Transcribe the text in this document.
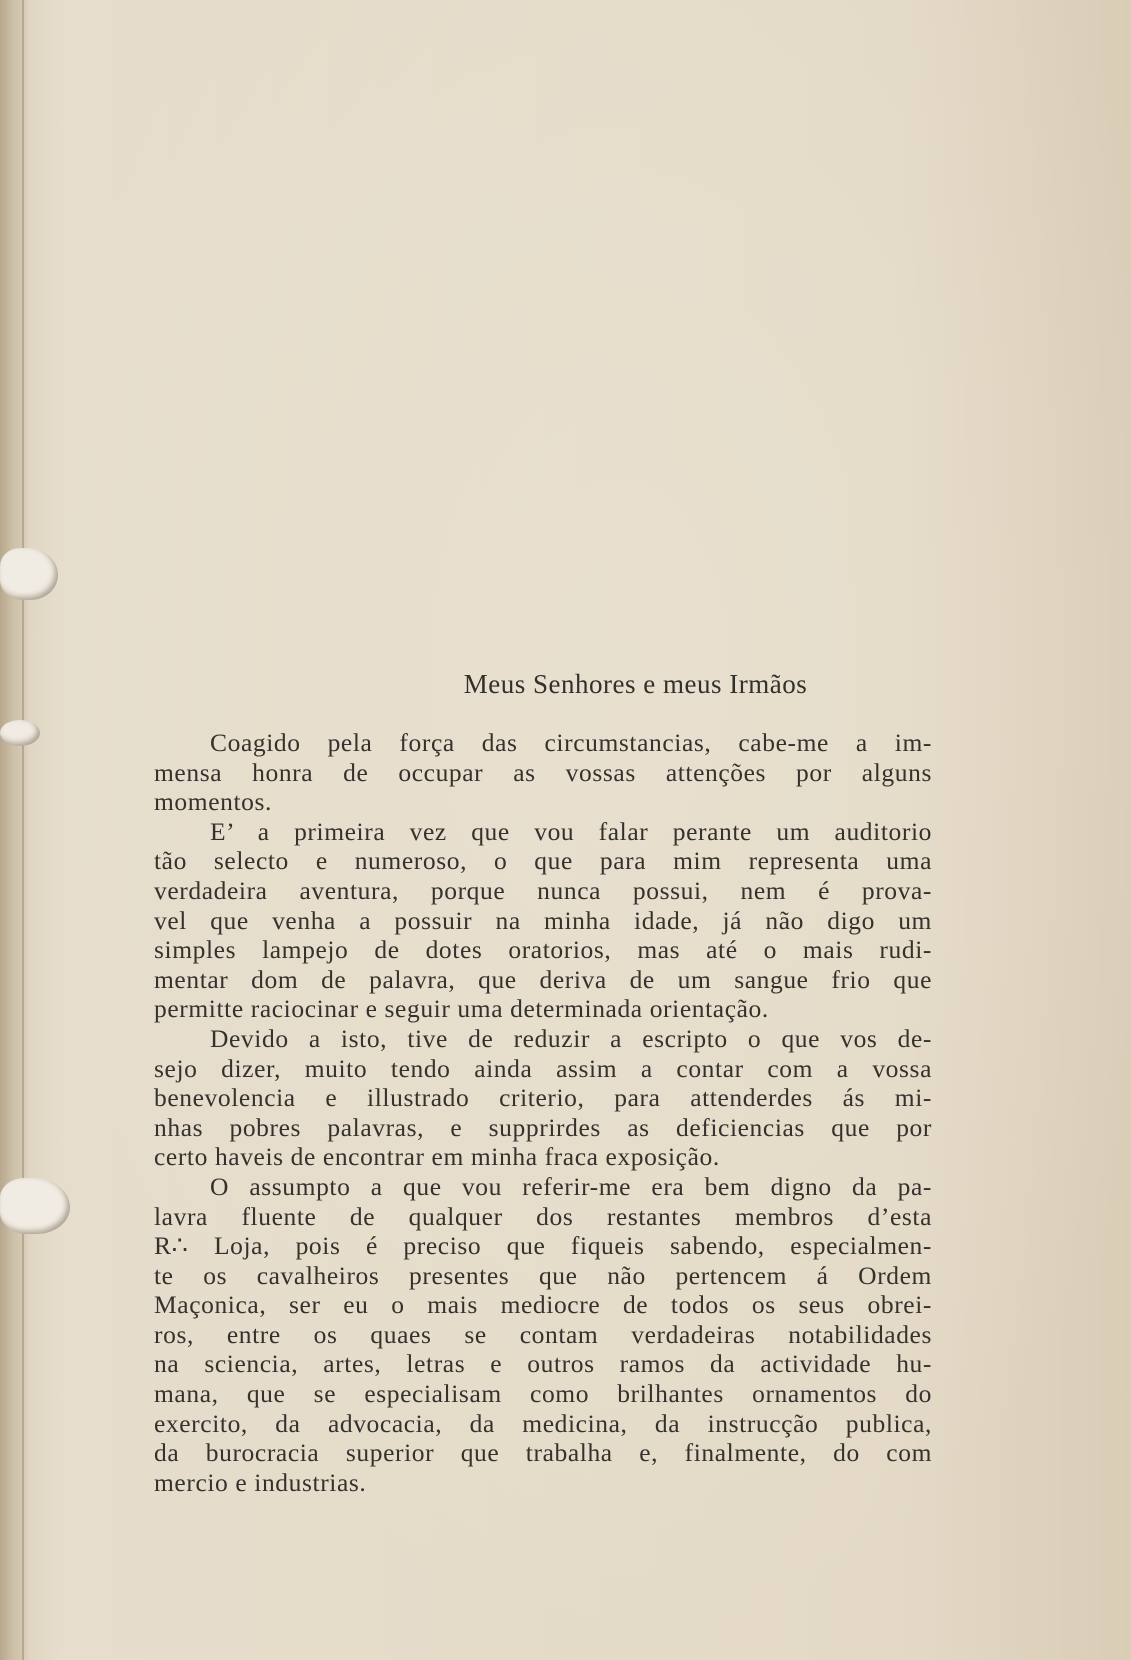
Meus Senhores e meus Irmãos
Coagido pela força das circumstancias, cabe-me a im-
mensa honra de occupar as vossas attenções por alguns
momentos.
E’ a primeira vez que vou falar perante um auditorio
tão selecto e numeroso, o que para mim representa uma
verdadeira aventura, porque nunca possui, nem é prova-
vel que venha a possuir na minha idade, já não digo um
simples lampejo de dotes oratorios, mas até o mais rudi-
mentar dom de palavra, que deriva de um sangue frio que
permitte raciocinar e seguir uma determinada orientação.
Devido a isto, tive de reduzir a escripto o que vos de-
sejo dizer, muito tendo ainda assim a contar com a vossa
benevolencia e illustrado criterio, para attenderdes ás mi-
nhas pobres palavras, e supprirdes as deficiencias que por
certo haveis de encontrar em minha fraca exposição.
O assumpto a que vou referir-me era bem digno da pa-
lavra fluente de qualquer dos restantes membros d’esta
R∴ Loja, pois é preciso que fiqueis sabendo, especialmen-
te os cavalheiros presentes que não pertencem á Ordem
Maçonica, ser eu o mais mediocre de todos os seus obrei-
ros, entre os quaes se contam verdadeiras notabilidades
na sciencia, artes, letras e outros ramos da actividade hu-
mana, que se especialisam como brilhantes ornamentos do
exercito, da advocacia, da medicina, da instrucção publica,
da burocracia superior que trabalha e, finalmente, do com
mercio e industrias.
